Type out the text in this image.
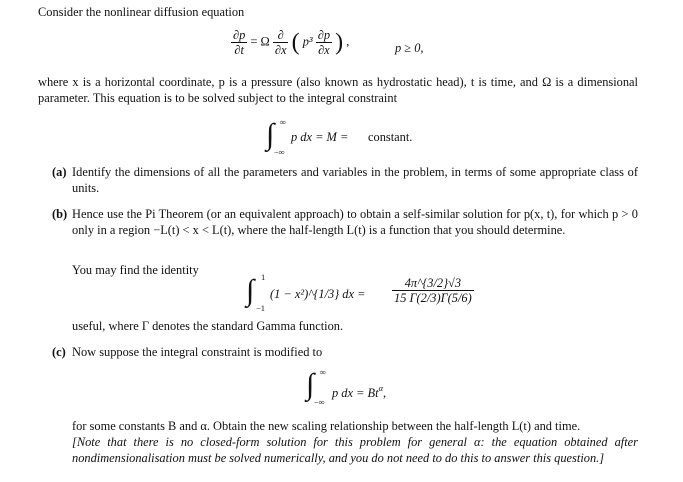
Consider the nonlinear diffusion equation
$\frac{\partial p}{\partial t} = \Omega \frac{\partial}{\partial x}$ ( $p^3 \frac{\partial p}{\partial x}$ ) ,	p ≥ 0,
where x is a horizontal coordinate, p is a pressure (also known as hydrostatic head), t is time, and Ω is a dimensional parameter. This equation is to be solved subject to the integral constraint
∫ ∞
−∞
p dx = M = constant.
(a) Identify the dimensions of all the parameters and variables in the problem, in terms of some appropriate class of units.
(b) Hence use the Pi Theorem (or an equivalent approach) to obtain a self-similar solution for p(x, t), for which p > 0 only in a region −L(t) < x < L(t), where the half-length L(t) is a function that you should determine.
You may find the identity
∫ 1
−1
(1 − x²)^{1/3} dx = $\frac{4\pi\^{}\{3/2\}√3}{15 \Gamma(2/3)\Gamma(5/6)}$
useful, where Γ denotes the standard Gamma function.
(c) Now suppose the integral constraint is modified to
∫ ∞
−∞
p dx = $Bt^\alpha$,
for some constants B and α. Obtain the new scaling relationship between the half-length L(t) and time.
[Note that there is no closed-form solution for this problem for general α: the equation obtained after nondimensionalisation must be solved numerically, and you do not need to do this to answer this question.]
